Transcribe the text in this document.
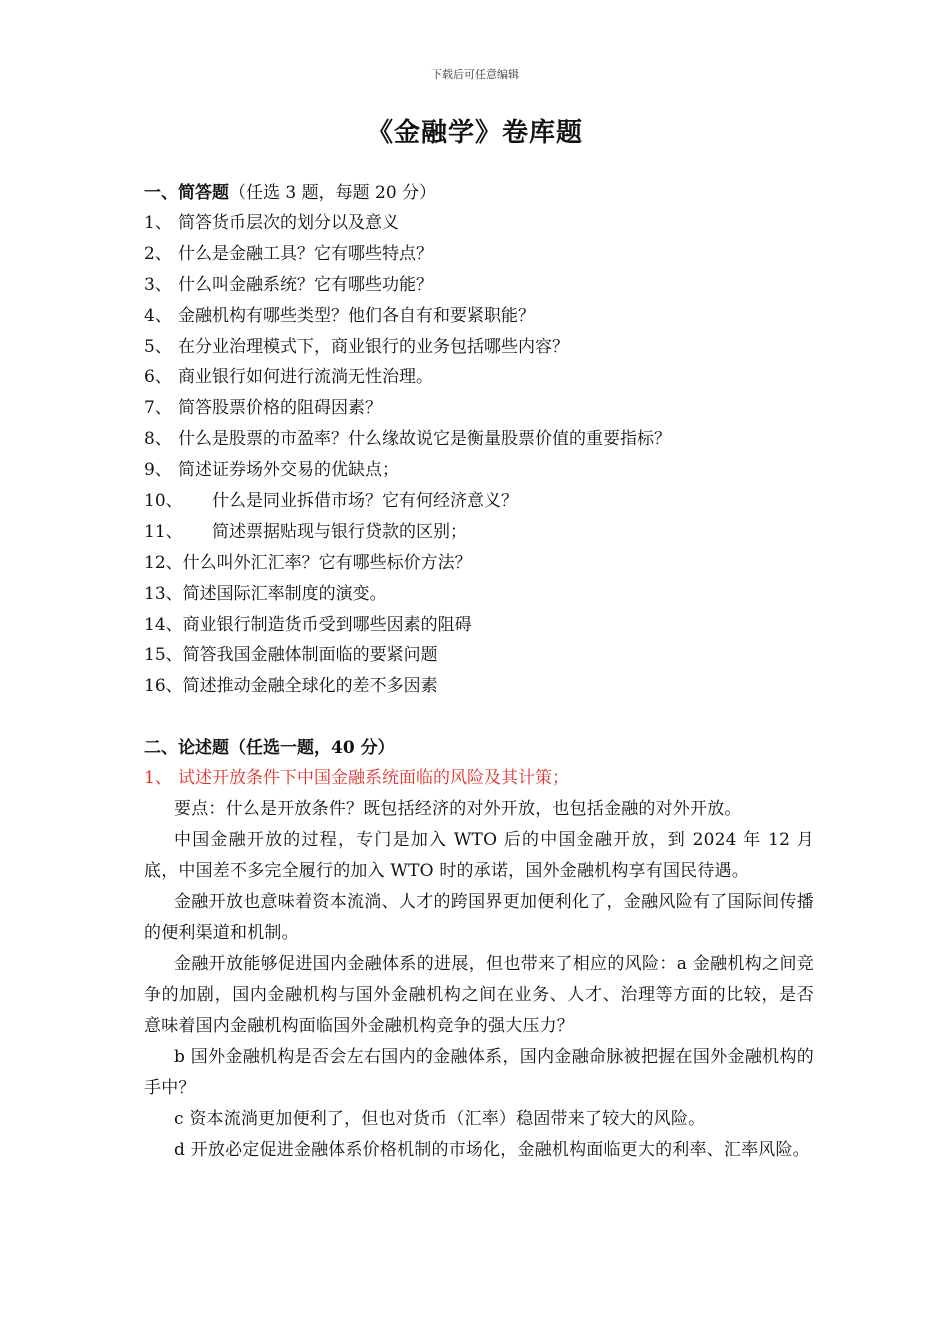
下载后可任意编辑
《金融学》卷库题
一、简答题（任选 3 题，每题 20 分）
1、 简答货币层次的划分以及意义
2、 什么是金融工具？它有哪些特点？
3、 什么叫金融系统？它有哪些功能？
4、 金融机构有哪些类型？他们各自有和要紧职能？
5、 在分业治理模式下，商业银行的业务包括哪些内容？
6、 商业银行如何进行流淌无性治理。
7、 简答股票价格的阻碍因素？
8、 什么是股票的市盈率？什么缘故说它是衡量股票价值的重要指标？
9、 简述证券场外交易的优缺点；
10、 什么是同业拆借市场？它有何经济意义？
11、 简述票据贴现与银行贷款的区别；
12、什么叫外汇汇率？它有哪些标价方法？
13、简述国际汇率制度的演变。
14、商业银行制造货币受到哪些因素的阻碍
15、简答我国金融体制面临的要紧问题
16、简述推动金融全球化的差不多因素
二、论述题（任选一题，40 分）
1、 试述开放条件下中国金融系统面临的风险及其计策；

要点：什么是开放条件？既包括经济的对外开放，也包括金融的对外开放。

中国金融开放的过程，专门是加入 WTO 后的中国金融开放，到 2024 年 12 月底，中国差不多完全履行的加入 WTO 时的承诺，国外金融机构享有国民待遇。

金融开放也意味着资本流淌、人才的跨国界更加便利化了，金融风险有了国际间传播的便利渠道和机制。

金融开放能够促进国内金融体系的进展，但也带来了相应的风险：a 金融机构之间竞争的加剧，国内金融机构与国外金融机构之间在业务、人才、治理等方面的比较，是否意味着国内金融机构面临国外金融机构竞争的强大压力？

b 国外金融机构是否会左右国内的金融体系，国内金融命脉被把握在国外金融机构的手中？

c 资本流淌更加便利了，但也对货币（汇率）稳固带来了较大的风险。

d 开放必定促进金融体系价格机制的市场化，金融机构面临更大的利率、汇率风险。
